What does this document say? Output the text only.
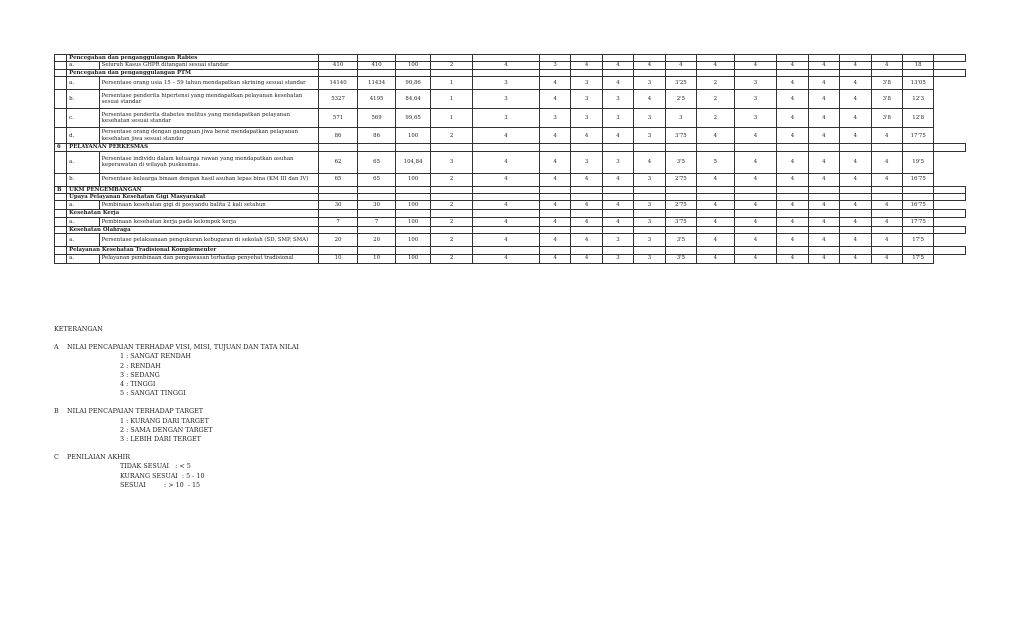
	Pencegahan dan penganggulangan Rabies																			
	a.	Seluruh Kasus GHPR ditangani sesuai standar	410	410	100	2	4	3	4	4	4	4	4	4	4	4	4	4	18	
	Pencegahan dan penganggulangan PTM																			
	a.	Persentase orang usia 15 – 59 tahun mendapatkan skrining sesuai standar	14140	11434	90,86	1	3	4	3	4	3	3'25	2	3	4	4	4	3'8	13'05	
	b.	Persentase penderita hipertensi yang mendapatkan pelayanan kesehatan sesuai standar	5327	4195	84,64	1	3	4	3	3	4	2'5	2	3	4	4	4	3'8	12'3	
	c.	Persentase penderita diabetes melitus yang mendapatkan pelayanan kesehatan sesuai standar	571	569	99,65	1	3	3	3	3	3	3	2	3	4	4	4	3'8	12'8	
	d.	Persentase orang dengan gangguan jiwa berat mendapatkan pelayanan kesehatan jiwa sesuai standar	86	86	100	2	4	4	4	4	3	3'75	4	4	4	4	4	4	17'75	
6	PELAYANAN PERKESMAS																			
	a.	Persentase individu dalam keluarga rawan yang mendapatkan asuhan keperawatan di wilayah puskesmas.	62	65	104,84	3	4	4	3	3	4	3'5	5	4	4	4	4	4	19'5	
	b.	Persentase keluarga binaan dengan hasil asuhan lepas bina (KM III dan IV)	65	65	100	2	4	4	4	4	3	2'75	4	4	4	4	4	4	16'75	
B	UKM PENGEMBANGAN																			
	Upaya Pelayanan Kesehatan Gigi Masyarakat																			
	a.	Pembinaan kesehatan gigi di posyandu balita 2 kali setahun	30	30	100	2	4	4	4	4	3	2'75	4	4	4	4	4	4	16'75	
	Kesehatan Kerja																			
	a.	Pembinaan kesehatan kerja pada kelompok kerja	7	7	100	2	4	4	4	4	3	3'75	4	4	4	4	4	4	17'75	
	Kesehatan Olahraga																			
	a.	Persentase pelaksanaan pengukuran kebugaran di sekolah (SD, SMP, SMA)	20	20	100	2	4	4	4	3	3	3'5	4	4	4	4	4	4	17'5	
	Pelayanan Kesehatan Tradisional Komplementer																			
	a.	Pelayanan pembinaan dan pengawasan terhadap penyehat tradisional	10	10	100	2	4	4	4	3	3	3'5	4	4	4	4	4	4	17'5	
KETERANGAN
A NILAI PENCAPAIAN TERHADAP VISI, MISI, TUJUAN DAN TATA NILAI
1 : SANGAT RENDAH
2 : RENDAH
3 : SEDANG
4 : TINGGI
5 : SANGAT TINGGI
B NILAI PENCAPAIAN TERHADAP TARGET
1 : KURANG DARI TARGET
2 : SAMA DENGAN TARGET
3 : LEBIH DARI TERGET
C PENILAIAN AKHIR
TIDAK SESUAI   : < 5
KURANG SESUAI  : 5 - 10
SESUAI         : > 10  - 15
